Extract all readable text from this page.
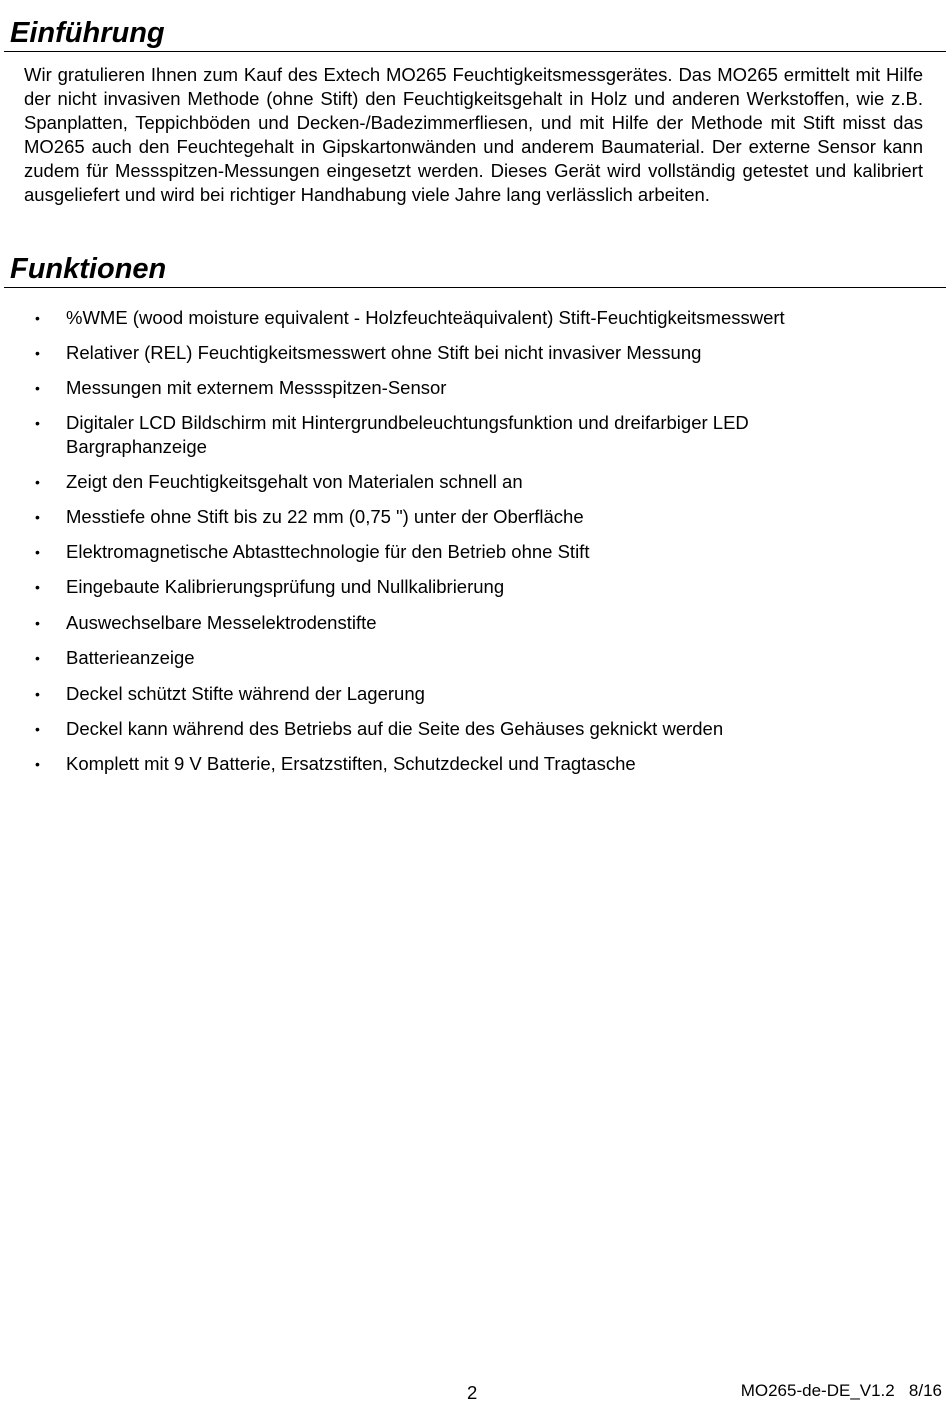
Einführung

Wir gratulieren Ihnen zum Kauf des Extech MO265 Feuchtigkeitsmessgerätes. Das MO265 ermittelt mit Hilfe der nicht invasiven Methode (ohne Stift) den Feuchtigkeitsgehalt in Holz und anderen Werkstoffen, wie z.B. Spanplatten, Teppichböden und Decken-/Badezimmerfliesen, und mit Hilfe der Methode mit Stift misst das MO265 auch den Feuchtegehalt in Gipskartonwänden und anderem Baumaterial. Der externe Sensor kann zudem für Messspitzen-Messungen eingesetzt werden. Dieses Gerät wird vollständig getestet und kalibriert ausgeliefert und wird bei richtiger Handhabung viele Jahre lang verlässlich arbeiten.

Funktionen
• %WME (wood moisture equivalent - Holzfeuchteäquivalent) Stift-Feuchtigkeitsmesswert
• Relativer (REL) Feuchtigkeitsmesswert ohne Stift bei nicht invasiver Messung
• Messungen mit externem Messspitzen-Sensor
• Digitaler LCD Bildschirm mit Hintergrundbeleuchtungsfunktion und dreifarbiger LED Bargraphanzeige
• Zeigt den Feuchtigkeitsgehalt von Materialen schnell an
• Messtiefe ohne Stift bis zu 22 mm (0,75 ") unter der Oberfläche
• Elektromagnetische Abtasttechnologie für den Betrieb ohne Stift
• Eingebaute Kalibrierungsprüfung und Nullkalibrierung
• Auswechselbare Messelektrodenstifte
• Batterieanzeige
• Deckel schützt Stifte während der Lagerung
• Deckel kann während des Betriebs auf die Seite des Gehäuses geknickt werden
• Komplett mit 9 V Batterie, Ersatzstiften, Schutzdeckel und Tragtasche
2	MO265-de-DE_V1.2   8/16
